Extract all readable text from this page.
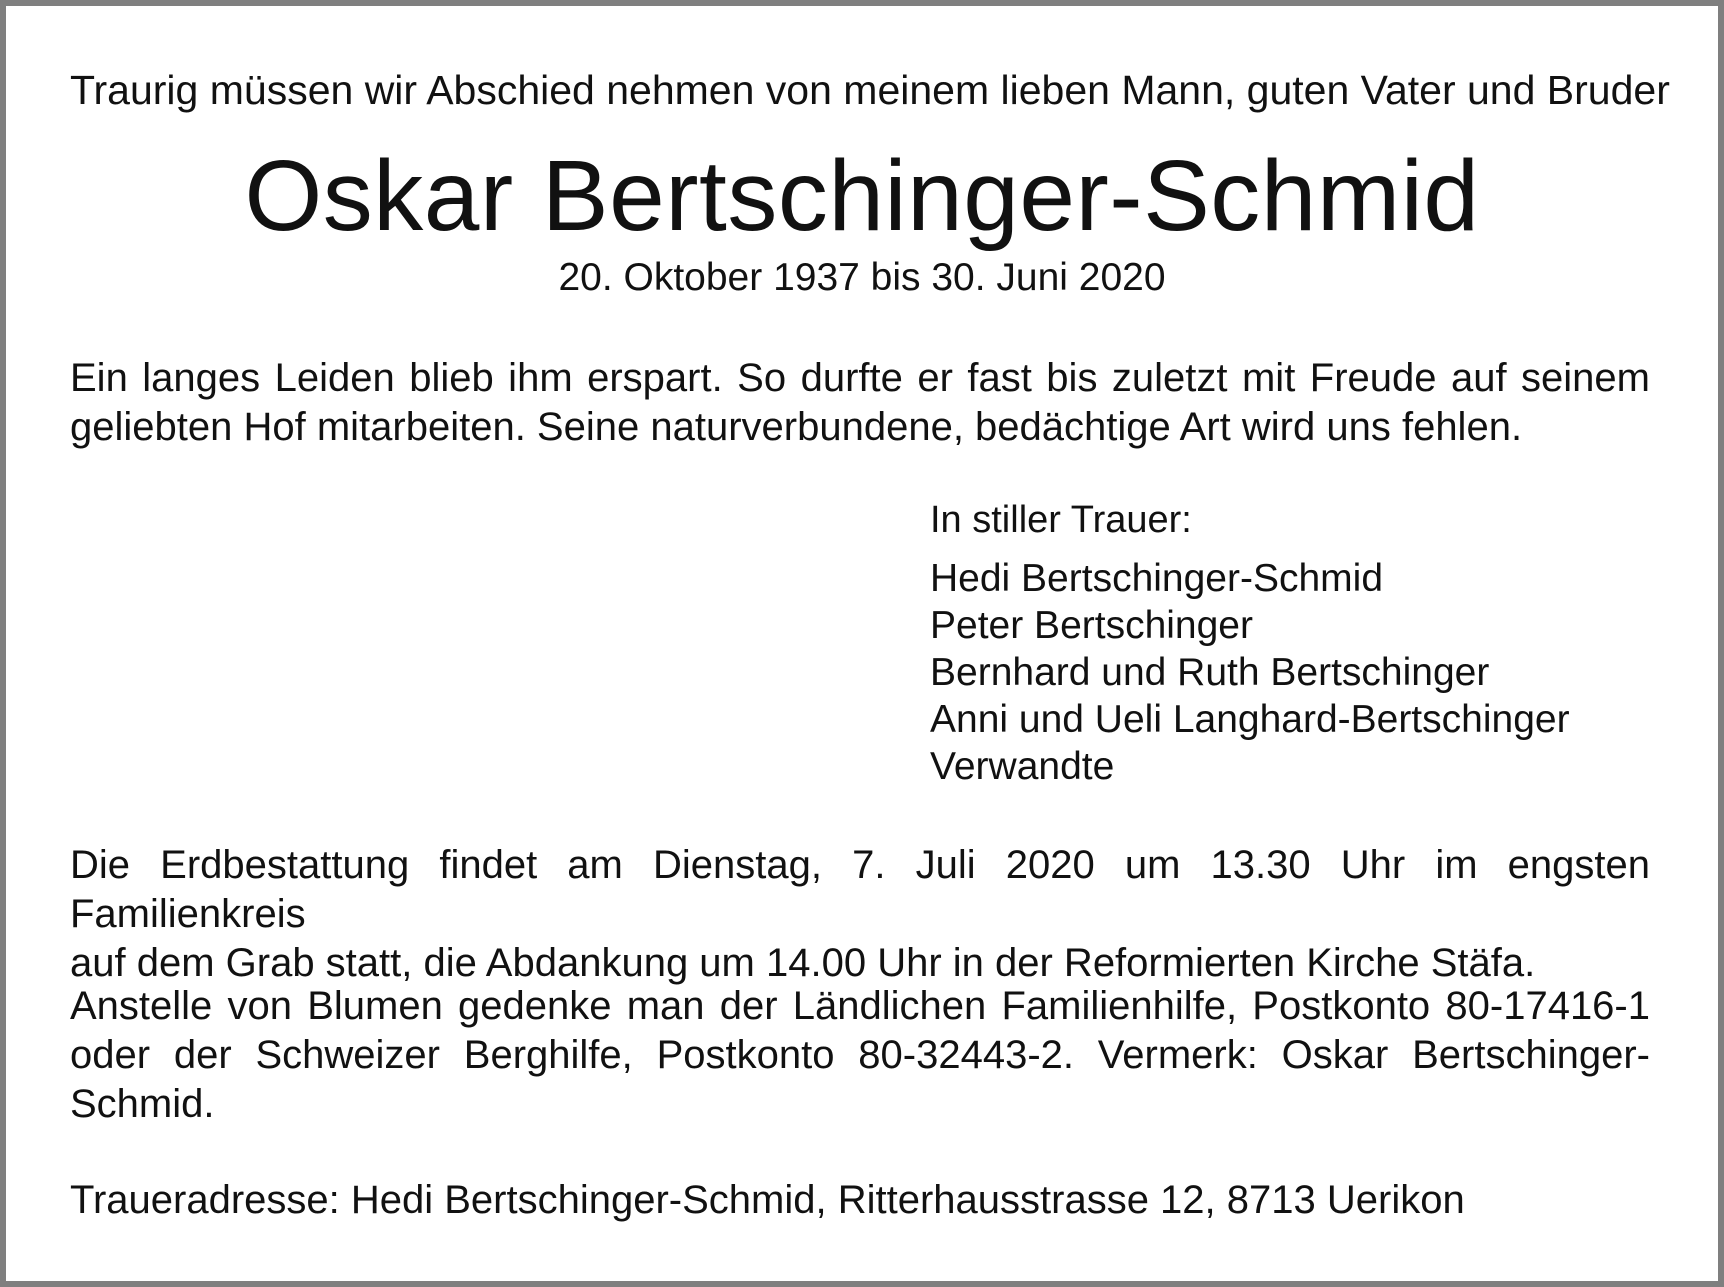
Traurig müssen wir Abschied nehmen von meinem lieben Mann, guten Vater und Bruder

Oskar Bertschinger-Schmid

20. Oktober 1937 bis 30. Juni 2020

Ein langes Leiden blieb ihm erspart. So durfte er fast bis zuletzt mit Freude auf seinem
geliebten Hof mitarbeiten. Seine naturverbundene, bedächtige Art wird uns fehlen.
In stiller Trauer:
Hedi Bertschinger-Schmid
Peter Bertschinger
Bernhard und Ruth Bertschinger
Anni und Ueli Langhard-Bertschinger
Verwandte
Die Erdbestattung findet am Dienstag, 7. Juli 2020 um 13.30 Uhr im engsten Familienkreis
auf dem Grab statt, die Abdankung um 14.00 Uhr in der Reformierten Kirche Stäfa.
Anstelle von Blumen gedenke man der Ländlichen Familienhilfe, Postkonto 80-17416-1
oder der Schweizer Berghilfe, Postkonto 80-32443-2. Vermerk: Oskar Bertschinger-
Schmid.

Traueradresse: Hedi Bertschinger-Schmid, Ritterhausstrasse 12, 8713 Uerikon
